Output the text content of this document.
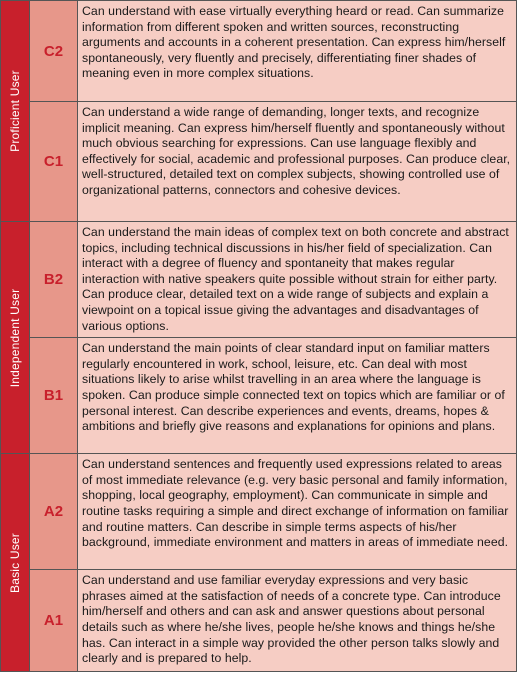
Proficient User	C2	Can understand with ease virtually everything heard or read. Can summarize information from different spoken and written sources, reconstructing arguments and accounts in a coherent presentation. Can express him/herself spontaneously, very fluently and precisely, differentiating finer shades of meaning even in more complex situations.
	C1	Can understand a wide range of demanding, longer texts, and recognize implicit meaning. Can express him/herself fluently and spontaneously without much obvious searching for expressions. Can use language flexibly and effectively for social, academic and professional purposes. Can produce clear, well-structured, detailed text on complex subjects, showing controlled use of organizational patterns, connectors and cohesive devices.

Independent User	B2	Can understand the main ideas of complex text on both concrete and abstract topics, including technical discussions in his/her field of specialization. Can interact with a degree of fluency and spontaneity that makes regular interaction with native speakers quite possible without strain for either party. Can produce clear, detailed text on a wide range of subjects and explain a viewpoint on a topical issue giving the advantages and disadvantages of various options.
	B1	Can understand the main points of clear standard input on familiar matters regularly encountered in work, school, leisure, etc. Can deal with most situations likely to arise whilst travelling in an area where the language is spoken. Can produce simple connected text on topics which are familiar or of personal interest. Can describe experiences and events, dreams, hopes & ambitions and briefly give reasons and explanations for opinions and plans.

Basic User	A2	Can understand sentences and frequently used expressions related to areas of most immediate relevance (e.g. very basic personal and family information, shopping, local geography, employment). Can communicate in simple and routine tasks requiring a simple and direct exchange of information on familiar and routine matters. Can describe in simple terms aspects of his/her background, immediate environment and matters in areas of immediate need.
	A1	Can understand and use familiar everyday expressions and very basic phrases aimed at the satisfaction of needs of a concrete type. Can introduce him/herself and others and can ask and answer questions about personal details such as where he/she lives, people he/she knows and things he/she has. Can interact in a simple way provided the other person talks slowly and clearly and is prepared to help.
